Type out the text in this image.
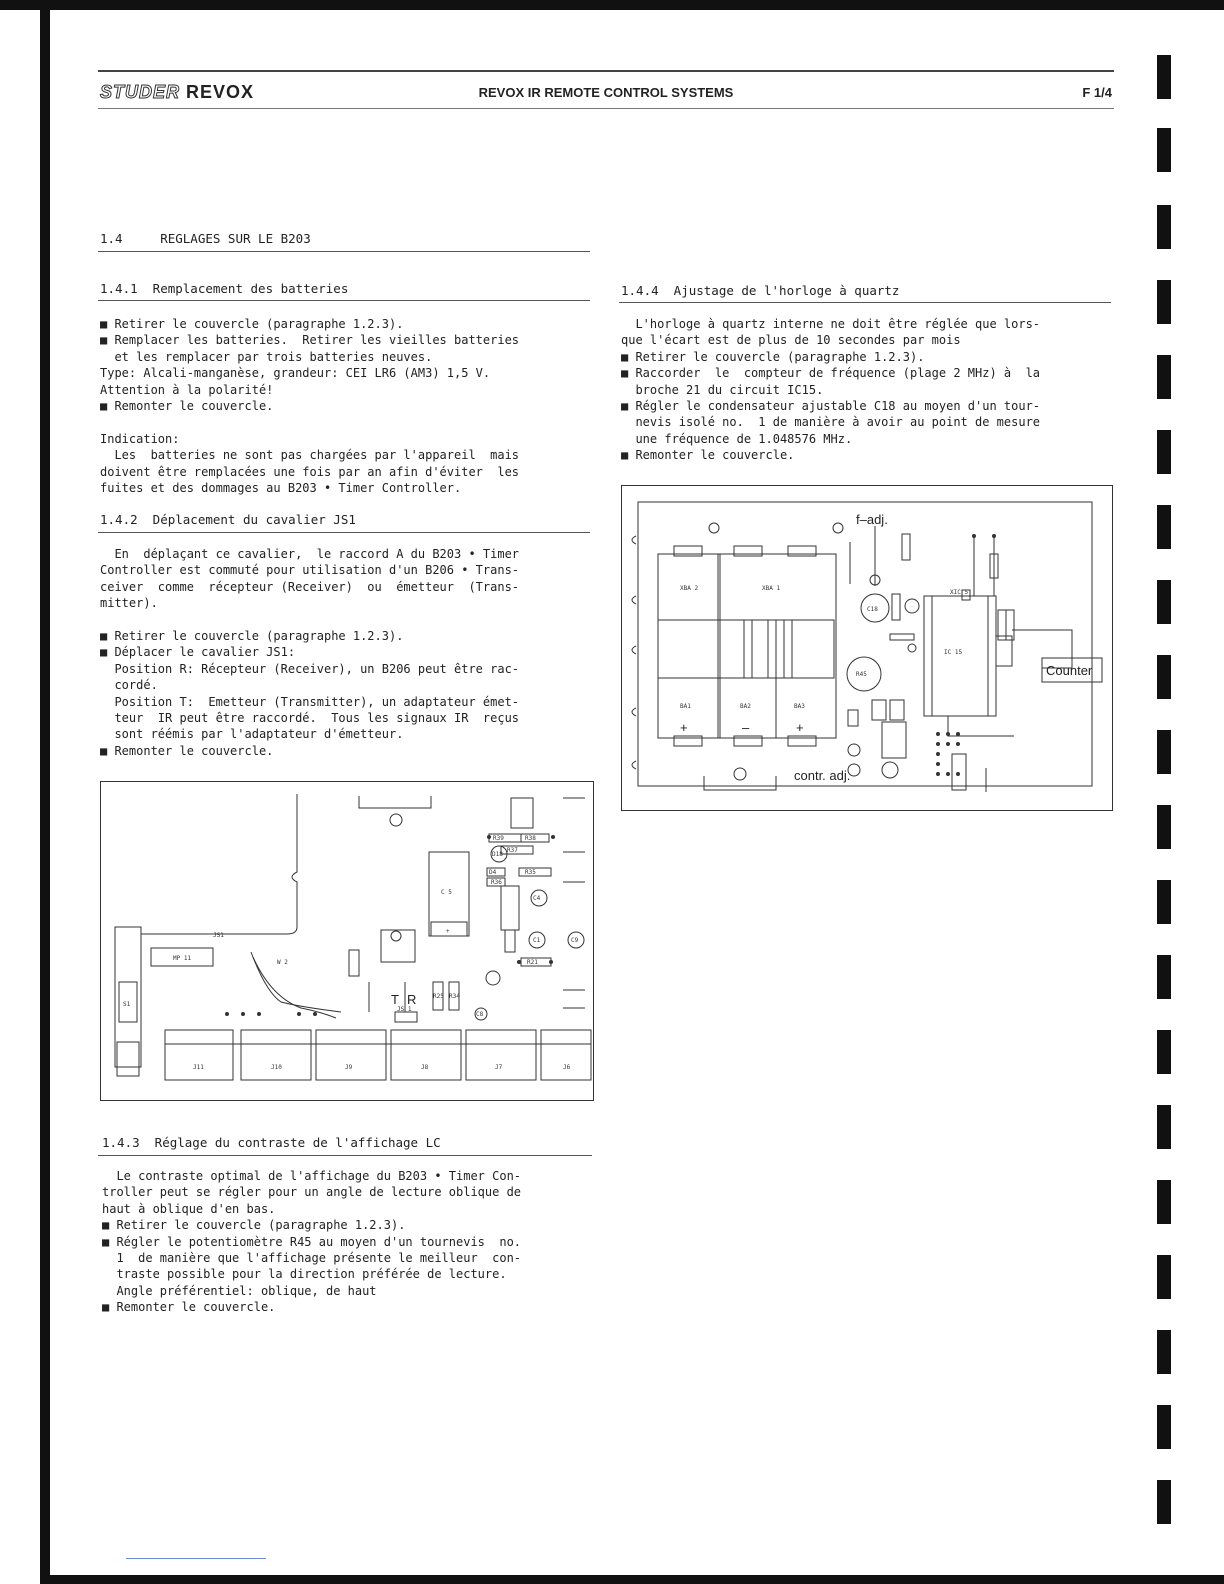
STUDER REVOX	REVOX IR REMOTE CONTROL SYSTEMS	F 1/4
1.4     REGLAGES SUR LE B203
1.4.1  Remplacement des batteries
■ Retirer le couvercle (paragraphe 1.2.3).
■ Remplacer les batteries.  Retirer les vieilles batteries
et les remplacer par trois batteries neuves.
Type: Alcali-manganèse, grandeur: CEI LR6 (AM3) 1,5 V.
Attention à la polarité!
■ Remonter le couvercle.

Indication:
Les  batteries ne sont pas chargées par l'appareil  mais
doivent être remplacées une fois par an afin d'éviter  les
fuites et des dommages au B203 • Timer Controller.
1.4.2  Déplacement du cavalier JS1
En  déplaçant ce cavalier,  le raccord A du B203 • Timer
Controller est commuté pour utilisation d'un B206 • Trans-
ceiver  comme  récepteur (Receiver)  ou  émetteur  (Trans-
mitter).

■ Retirer le couvercle (paragraphe 1.2.3).
■ Déplacer le cavalier JS1:
Position R: Récepteur (Receiver), un B206 peut être rac-
cordé.
Position T:  Emetteur (Transmitter), un adaptateur émet-
teur  IR peut être raccordé.  Tous les signaux IR  reçus
sont réémis par l'adaptateur d'émetteur.
■ Remonter le couvercle.
JS1
MP 11
W 2
S1
C 5
+
T R
JS 1
J11	J10	J9	J8	J7	J6
R39	R38
R37
R36
R35
R21
R34
R25
D4
C4
C1
C8
C9
D18
1.4.3  Réglage du contraste de l'affichage LC
Le contraste optimal de l'affichage du B203 • Timer Con-
troller peut se régler pour un angle de lecture oblique de
haut à oblique d'en bas.
■ Retirer le couvercle (paragraphe 1.2.3).
■ Régler le potentiomètre R45 au moyen d'un tournevis  no.
1  de manière que l'affichage présente le meilleur  con-
traste possible pour la direction préférée de lecture.
Angle préférentiel: oblique, de haut
■ Remonter le couvercle.
1.4.4  Ajustage de l'horloge à quartz
L'horloge à quartz interne ne doit être réglée que lors-
que l'écart est de plus de 10 secondes par mois
■ Retirer le couvercle (paragraphe 1.2.3).
■ Raccorder  le  compteur de fréquence (plage 2 MHz) à  la
broche 21 du circuit IC15.
■ Régler le condensateur ajustable C18 au moyen d'un tour-
nevis isolé no.  1 de manière à avoir au point de mesure
une fréquence de 1.048576 MHz.
■ Remonter le couvercle.
f–adj.
Counter
contr. adj.
XBA 2	XBA 1
BA1	BA2	BA3
+	–	+
IC 15
C18
R45
XIC 5
